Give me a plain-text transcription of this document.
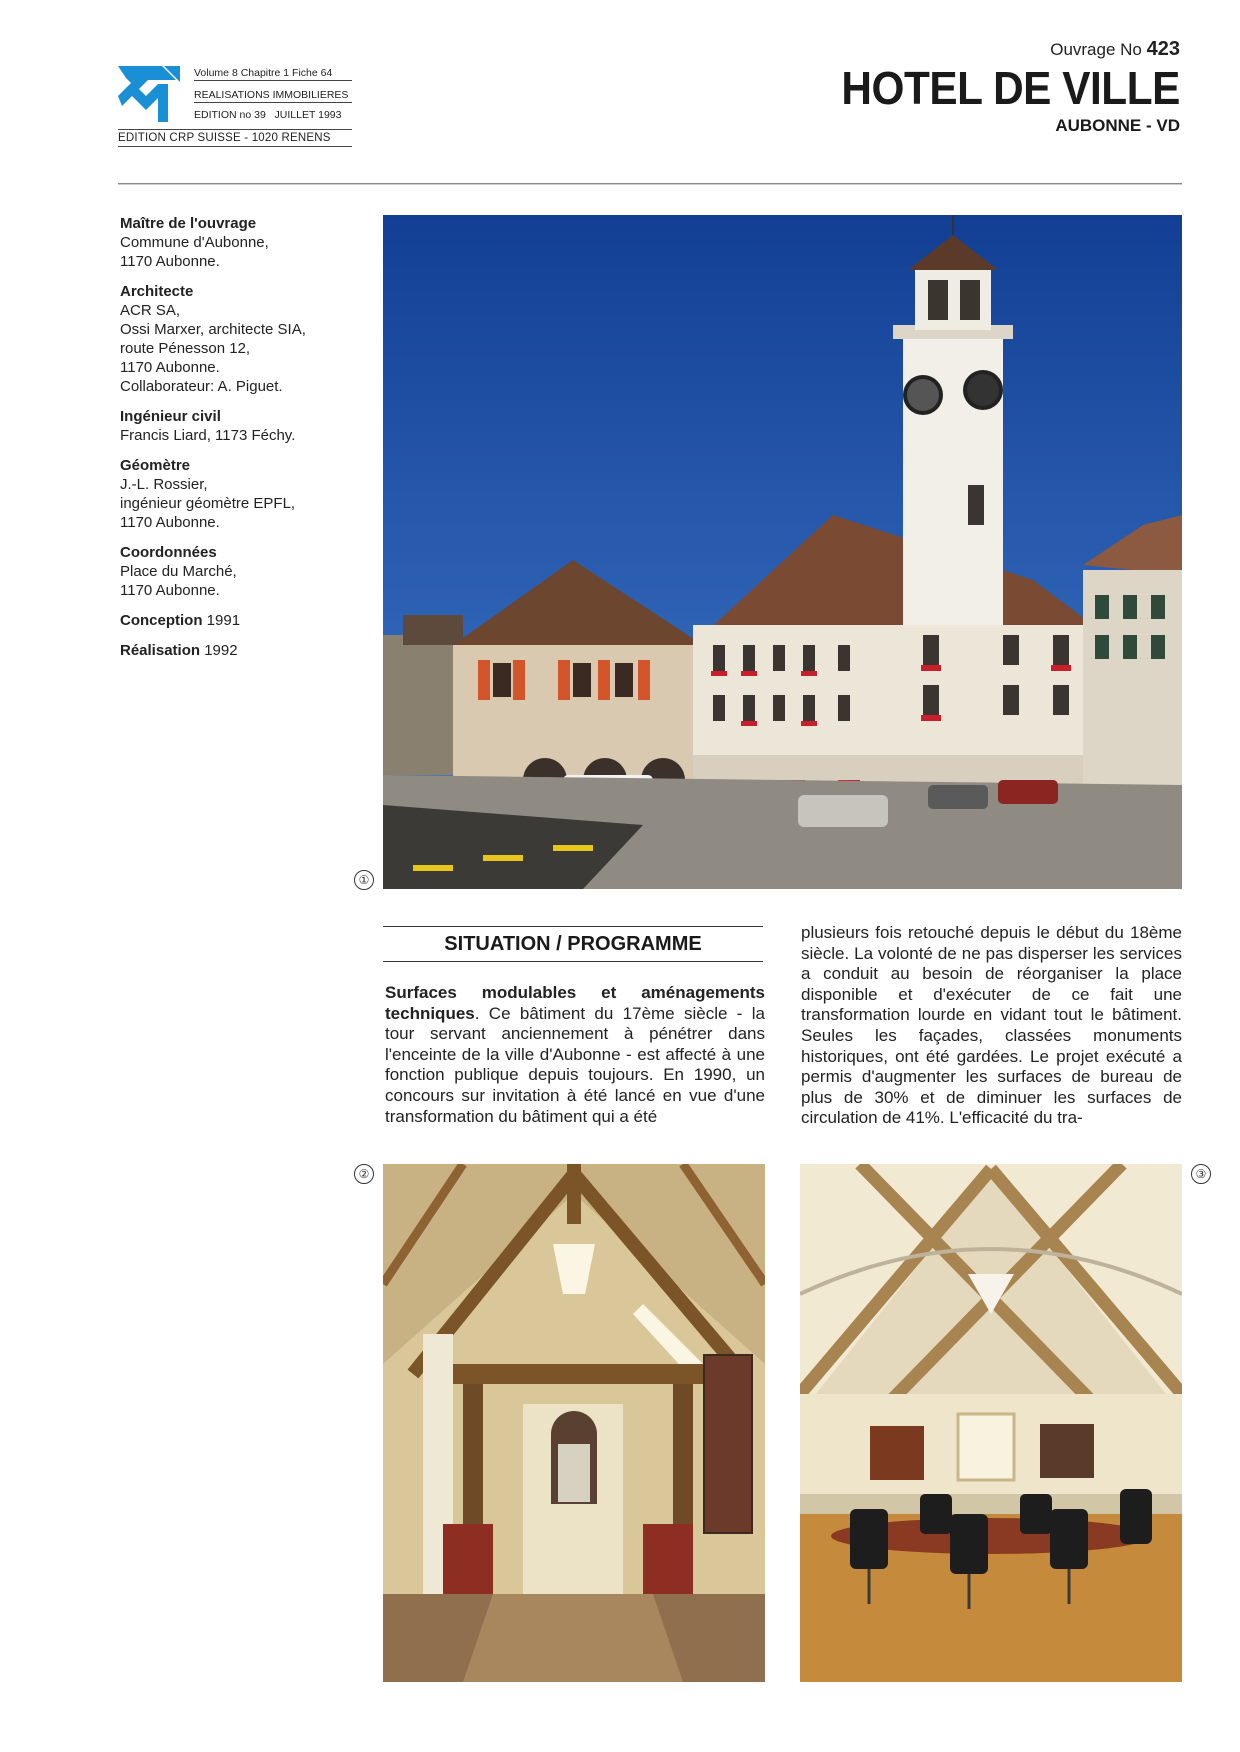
Volume 8 Chapitre 1 Fiche 64
REALISATIONS IMMOBILIERES
EDITION no 39 JUILLET 1993
EDITION CRP SUISSE - 1020 RENENS
Ouvrage No 423
HOTEL DE VILLE
AUBONNE - VD
Maître de l'ouvrage
Commune d'Aubonne,
1170 Aubonne.
Architecte
ACR SA,
Ossi Marxer, architecte SIA,
route Pénesson 12,
1170 Aubonne.
Collaborateur: A. Piguet.
Ingénieur civil
Francis Liard, 1173 Féchy.
Géomètre
J.-L. Rossier,
ingénieur géomètre EPFL,
1170 Aubonne.
Coordonnées
Place du Marché,
1170 Aubonne.
Conception 1991
Réalisation 1992
①
SITUATION / PROGRAMME
Surfaces modulables et aménagements techniques. Ce bâtiment du 17ème siècle - la tour servant anciennement à pénétrer dans l'enceinte de la ville d'Aubonne - est affecté à une fonction publique depuis toujours. En 1990, un concours sur invitation à été lancé en vue d'une transformation du bâtiment qui a été
plusieurs fois retouché depuis le début du 18ème siècle. La volonté de ne pas disperser les services a conduit au besoin de réorganiser la place disponible et d'exécuter de ce fait une transformation lourde en vidant tout le bâtiment. Seules les façades, classées monuments historiques, ont été gardées. Le projet exécuté a permis d'augmenter les surfaces de bureau de plus de 30% et de diminuer les surfaces de circulation de 41%. L'efficacité du tra-
②	③
